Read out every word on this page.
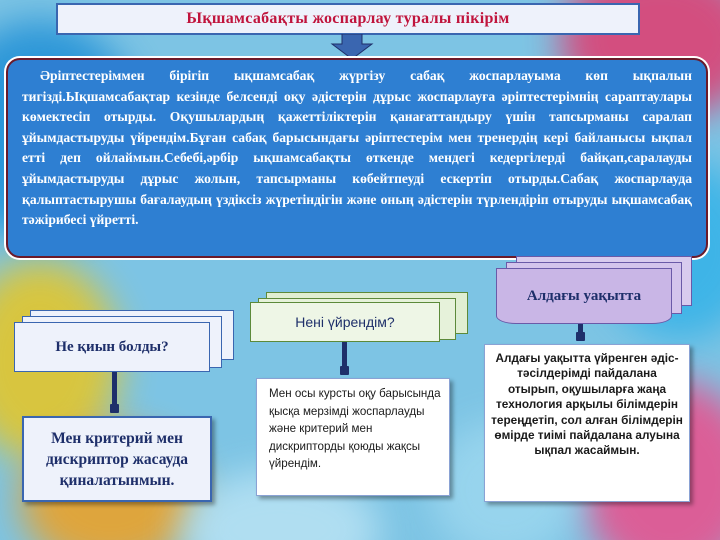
Ықшамсабақты жоспарлау туралы пікірім

Әріптестеріммен бірігіп ықшамсабақ жүргізу сабақ жоспарлауыма көп ықпалын тигізді.Ықшамсабақтар кезінде белсенді оқу әдістерін дұрыс жоспарлауға әріптестерімнің сараптаулары көмектесіп отырды. Оқушылардың қажеттіліктерін қанағаттандыру үшін тапсырманы саралап ұйымдастыруды үйрендім.Бұған сабақ барысындағы әріптестерім мен тренердің кері байланысы ықпал етті деп ойлаймын.Себебі,әрбір ықшамсабақты өткенде мендегі кедергілерді байқап,саралауды ұйымдастыруды дұрыс жолын, тапсырманы көбейтпеуді ескертіп отырды.Сабақ жоспарлауда қалыптастырушы бағалаудың үздіксіз жүретіндігін және оның әдістерін түрлендіріп отыруды ықшамсабақ тәжірибесі үйретті.

Алдағы уақытта
Нені үйрендім?
Не қиын болды?
Мен критерий мен дискриптор жасауда қиналатынмын.
Мен осы курсты оқу барысында қысқа мерзімді жоспарлауды және критерий мен дискрипторды қоюды жақсы үйрендім.
Алдағы уақытта үйренген әдіс- тәсілдерімді пайдалана отырып, оқушыларға жаңа технология арқылы білімдерін тереңдетіп, сол алған білімдерін өмірде тиімі пайдалана алуына ықпал жасаймын.
